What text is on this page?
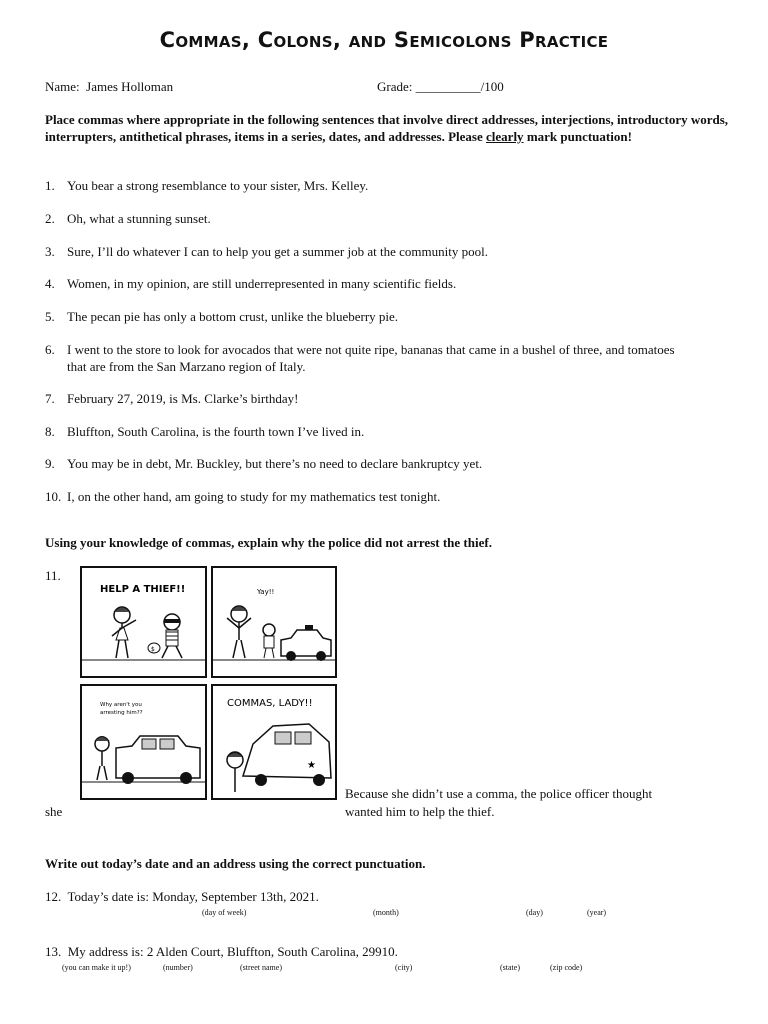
Commas, Colons, and Semicolons Practice
Name: James Holloman	Grade: __________/100
Place commas where appropriate in the following sentences that involve direct addresses, interjections, introductory words, interrupters, antithetical phrases, items in a series, dates, and addresses. Please clearly mark punctuation!
1. You bear a strong resemblance to your sister, Mrs. Kelley.
2. Oh, what a stunning sunset.
3. Sure, I’ll do whatever I can to help you get a summer job at the community pool.
4. Women, in my opinion, are still underrepresented in many scientific fields.
5. The pecan pie has only a bottom crust, unlike the blueberry pie.
6. I went to the store to look for avocados that were not quite ripe, bananas that came in a bushel of three, and tomatoes
that are from the San Marzano region of Italy.
7. February 27, 2019, is Ms. Clarke’s birthday!
8. Bluffton, South Carolina, is the fourth town I’ve lived in.
9. You may be in debt, Mr. Buckley, but there’s no need to declare bankruptcy yet.
10. I, on the other hand, am going to study for my mathematics test tonight.
Using your knowledge of commas, explain why the police did not arrest the thief.
11.
HELP A THIEF!!
$
Yay!!
Why aren't you
arresting him??
COMMAS, LADY!!
★
Because she didn’t use a comma, the police officer thought
she	wanted him to help the thief.
Write out today’s date and an address using the correct punctuation.
12. Today’s date is: Monday, September 13th, 2021.
(day of week)	(month)	(day)	(year)
13. My address is: 2 Alden Court, Bluffton, South Carolina, 29910.
(you can make it up!)	(number)	(street name)	(city)	(state)	(zip code)
